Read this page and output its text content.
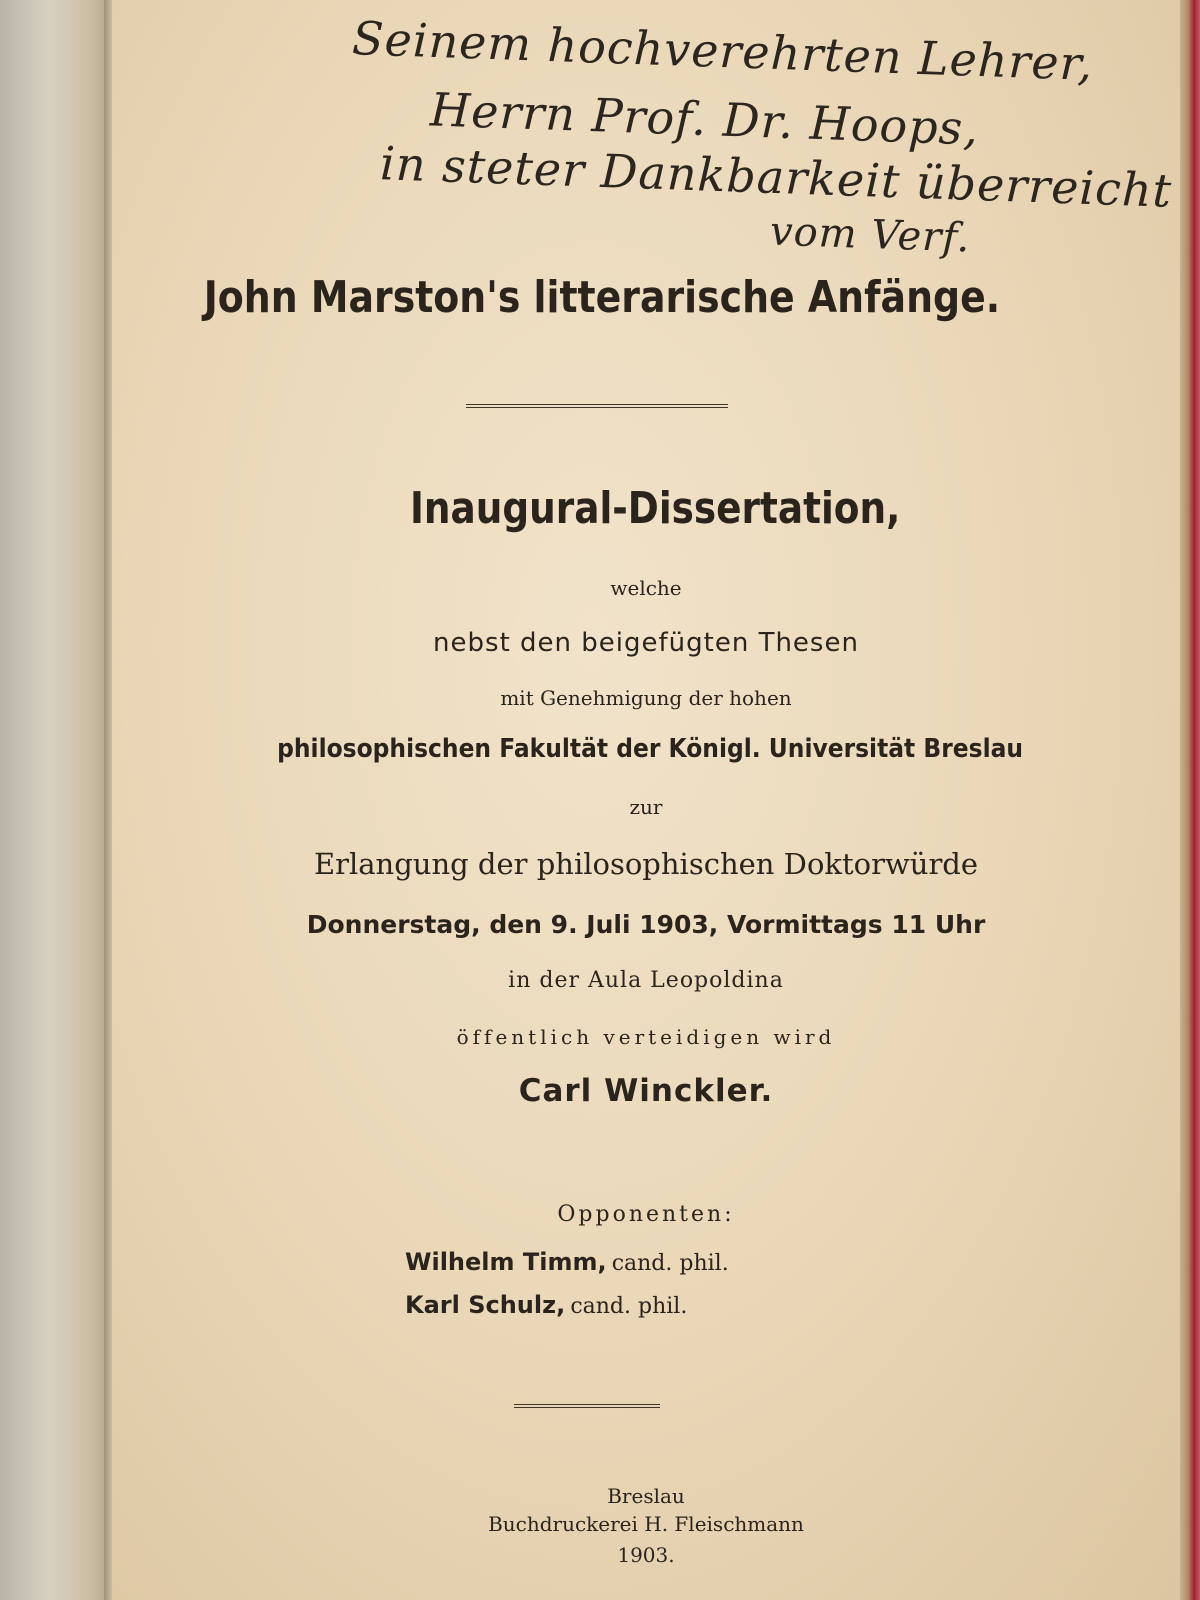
Seinem hochverehrten Lehrer,
Herrn Prof. Dr. Hoops,
in steter Dankbarkeit überreicht
vom Verf.
John Marston's litterarische Anfänge.
Inaugural-Dissertation,
welche
nebst den beigefügten Thesen
mit Genehmigung der hohen
philosophischen Fakultät der Königl. Universität Breslau
zur
Erlangung der philosophischen Doktorwürde
Donnerstag, den 9. Juli 1903, Vormittags 11 Uhr
in der Aula Leopoldina
öffentlich verteidigen wird
Carl Winckler.
Opponenten:
Wilhelm Timm, cand. phil.
Karl Schulz, cand. phil.
Breslau
Buchdruckerei H. Fleischmann
1903.
